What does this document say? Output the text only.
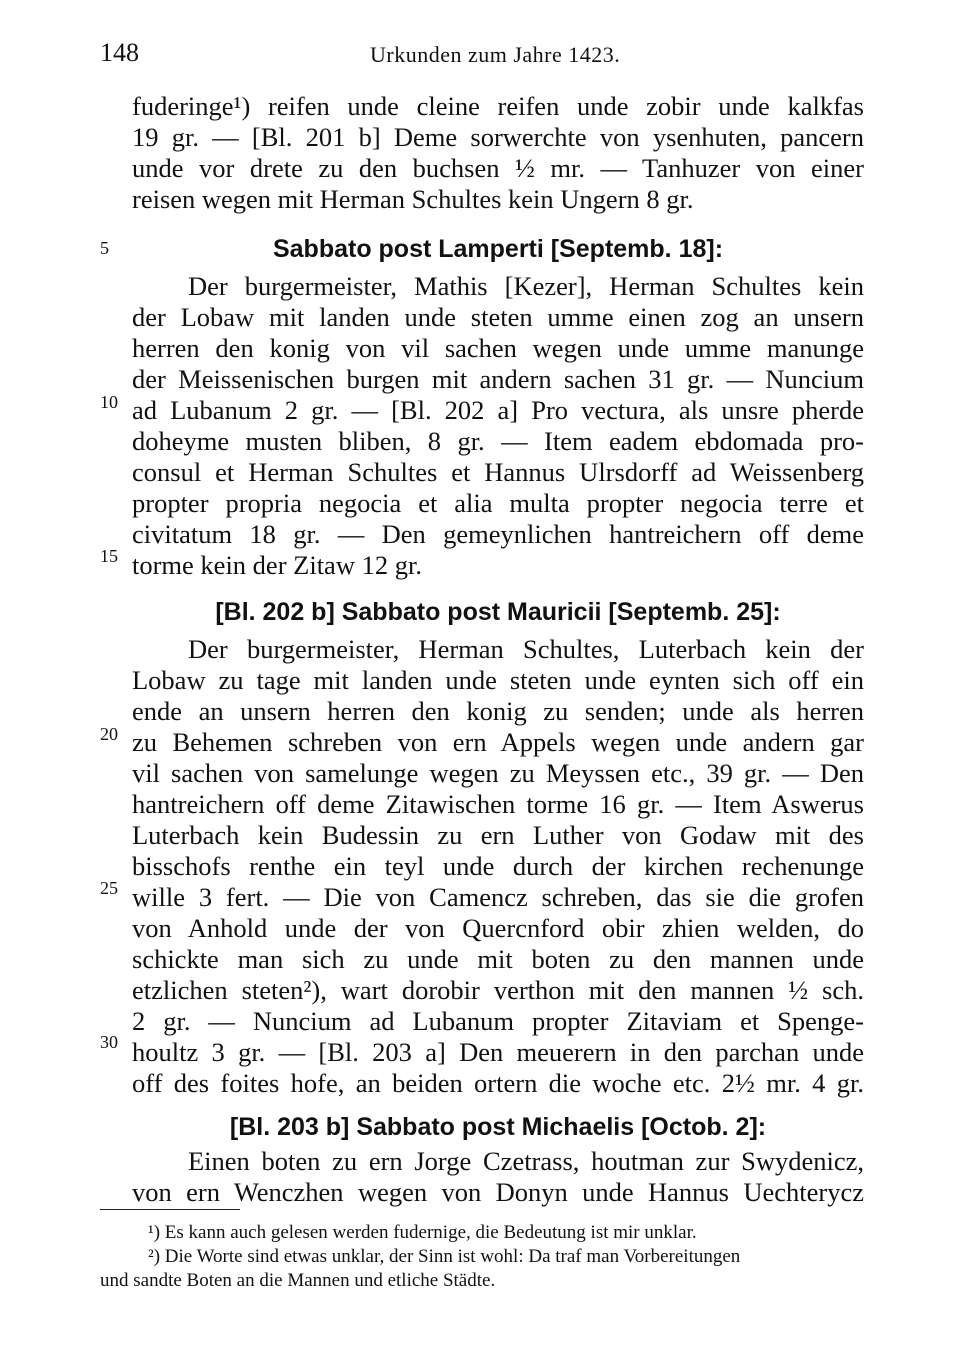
148	Urkunden zum Jahre 1423.
5
10
15
20
25
30
fuderinge¹) reifen unde cleine reifen unde zobir unde kalkfas
19 gr. — [Bl. 201 b] Deme sorwerchte von ysenhuten, pancern
unde vor drete zu den buchsen ½ mr. — Tanhuzer von einer
reisen wegen mit Herman Schultes kein Ungern 8 gr.
Sabbato post Lamperti [Septemb. 18]:
Der burgermeister, Mathis [Kezer], Herman Schultes kein
der Lobaw mit landen unde steten umme einen zog an unsern
herren den konig von vil sachen wegen unde umme manunge
der Meissenischen burgen mit andern sachen 31 gr. — Nuncium
ad Lubanum 2 gr. — [Bl. 202 a] Pro vectura, als unsre pherde
doheyme musten bliben, 8 gr. — Item eadem ebdomada pro-
consul et Herman Schultes et Hannus Ulrsdorff ad Weissenberg
propter propria negocia et alia multa propter negocia terre et
civitatum 18 gr. — Den gemeynlichen hantreichern off deme
torme kein der Zitaw 12 gr.
[Bl. 202 b] Sabbato post Mauricii [Septemb. 25]:
Der burgermeister, Herman Schultes, Luterbach kein der
Lobaw zu tage mit landen unde steten unde eynten sich off ein
ende an unsern herren den konig zu senden; unde als herren
zu Behemen schreben von ern Appels wegen unde andern gar
vil sachen von samelunge wegen zu Meyssen etc., 39 gr. — Den
hantreichern off deme Zitawischen torme 16 gr. — Item Aswerus
Luterbach kein Budessin zu ern Luther von Godaw mit des
bisschofs renthe ein teyl unde durch der kirchen rechenunge
wille 3 fert. — Die von Camencz schreben, das sie die grofen
von Anhold unde der von Quercnford obir zhien welden, do
schickte man sich zu unde mit boten zu den mannen unde
etzlichen steten²), wart dorobir verthon mit den mannen ½ sch.
2 gr. — Nuncium ad Lubanum propter Zitaviam et Spenge-
houltz 3 gr. — [Bl. 203 a] Den meuerern in den parchan unde
off des foites hofe, an beiden ortern die woche etc. 2½ mr. 4 gr.
[Bl. 203 b] Sabbato post Michaelis [Octob. 2]:
Einen boten zu ern Jorge Czetrass, houtman zur Swydenicz,
von ern Wenczhen wegen von Donyn unde Hannus Uechterycz
¹) Es kann auch gelesen werden fudernige, die Bedeutung ist mir unklar.
²) Die Worte sind etwas unklar, der Sinn ist wohl: Da traf man Vorbereitungen
und sandte Boten an die Mannen und etliche Städte.
